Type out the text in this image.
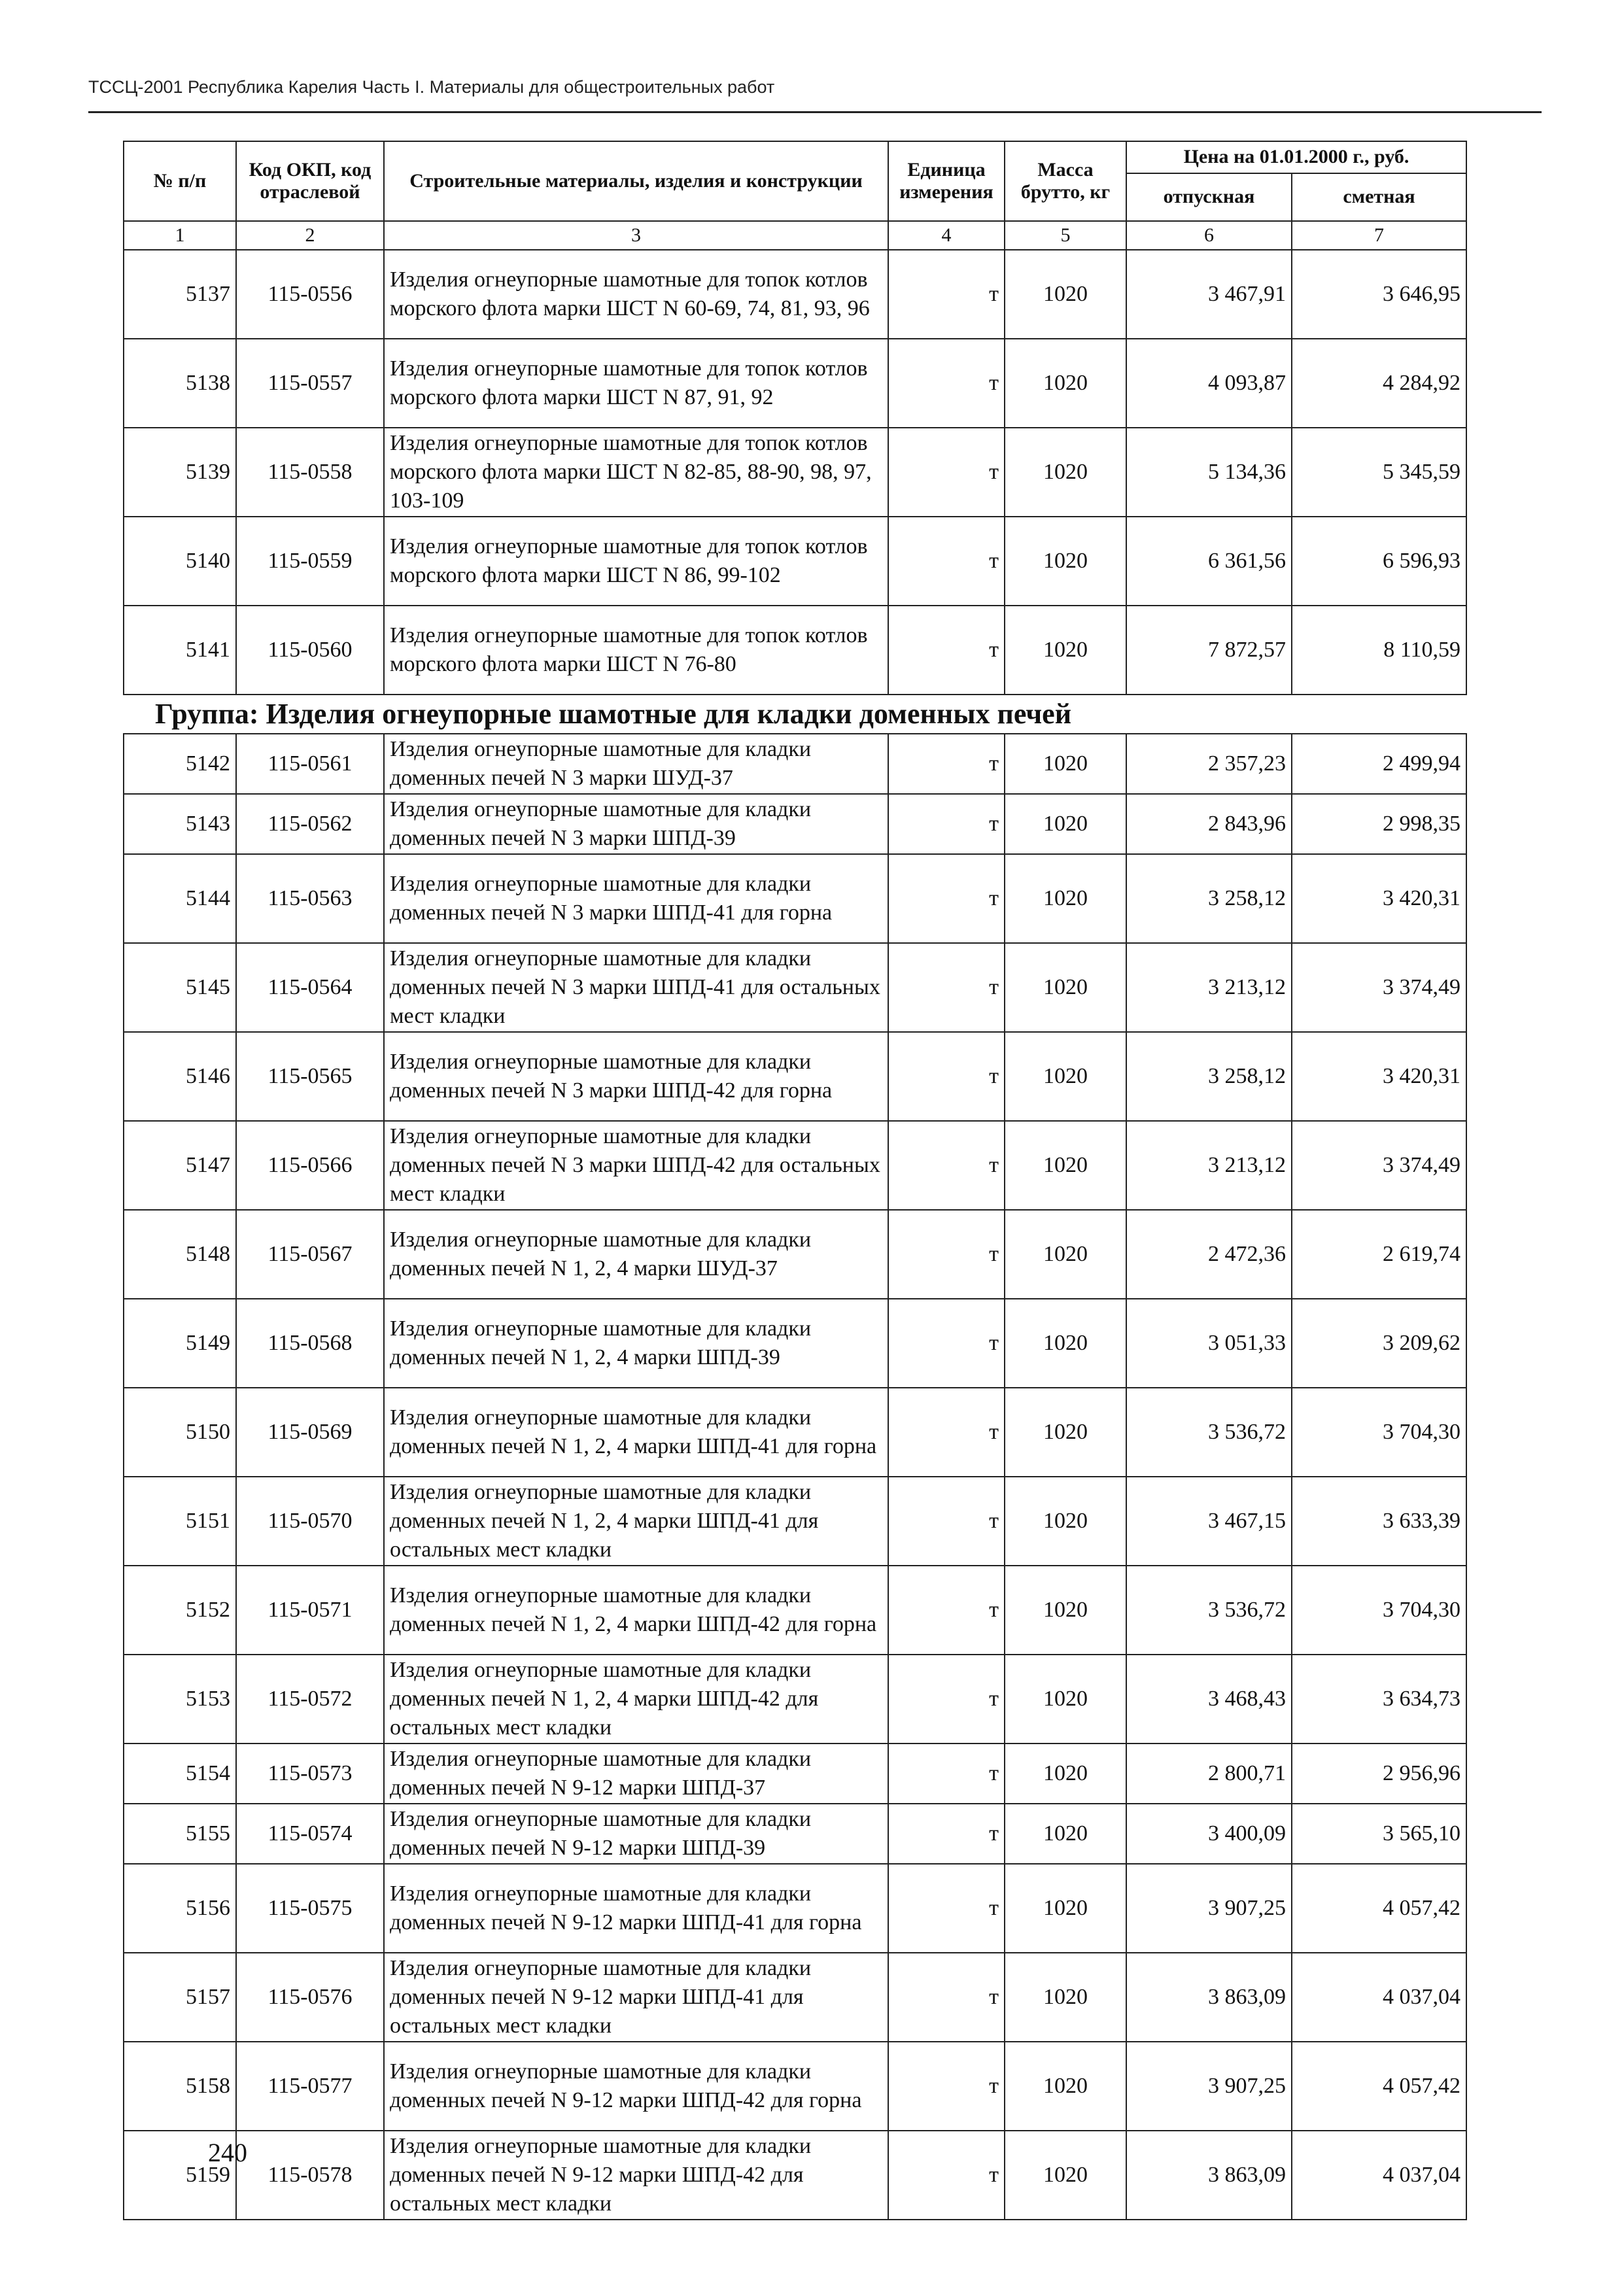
ТССЦ-2001 Республика Карелия Часть I. Материалы для общестроительных работ
№ п/п	Код ОКП, код отраслевой	Строительные материалы, изделия и конструкции	Единица измерения	Масса брутто, кг	Цена на 01.01.2000 г., руб.	
					отпускная	сметная
1	2	3	4	5	6	7
5137	115-0556	Изделия огнеупорные шамотные для топок котлов морского флота марки ШСТ N 60-69, 74, 81, 93, 96	т	1020	3 467,91	3 646,95
5138	115-0557	Изделия огнеупорные шамотные для топок котлов морского флота марки ШСТ N 87, 91, 92	т	1020	4 093,87	4 284,92
5139	115-0558	Изделия огнеупорные шамотные для топок котлов морского флота марки ШСТ N 82-85, 88-90, 98, 97, 103-109	т	1020	5 134,36	5 345,59
5140	115-0559	Изделия огнеупорные шамотные для топок котлов морского флота марки ШСТ N 86, 99-102	т	1020	6 361,56	6 596,93
5141	115-0560	Изделия огнеупорные шамотные для топок котлов морского флота марки ШСТ N 76-80	т	1020	7 872,57	8 110,59
Группа: Изделия огнеупорные шамотные для кладки доменных печей						
5142	115-0561	Изделия огнеупорные шамотные для кладки доменных печей N 3 марки ШУД-37	т	1020	2 357,23	2 499,94
5143	115-0562	Изделия огнеупорные шамотные для кладки доменных печей N 3 марки ШПД-39	т	1020	2 843,96	2 998,35
5144	115-0563	Изделия огнеупорные шамотные для кладки доменных печей N 3 марки ШПД-41 для горна	т	1020	3 258,12	3 420,31
5145	115-0564	Изделия огнеупорные шамотные для кладки доменных печей N 3 марки ШПД-41 для остальных мест кладки	т	1020	3 213,12	3 374,49
5146	115-0565	Изделия огнеупорные шамотные для кладки доменных печей N 3 марки ШПД-42 для горна	т	1020	3 258,12	3 420,31
5147	115-0566	Изделия огнеупорные шамотные для кладки доменных печей N 3 марки ШПД-42 для остальных мест кладки	т	1020	3 213,12	3 374,49
5148	115-0567	Изделия огнеупорные шамотные для кладки доменных печей N 1, 2, 4 марки ШУД-37	т	1020	2 472,36	2 619,74
5149	115-0568	Изделия огнеупорные шамотные для кладки доменных печей N 1, 2, 4 марки ШПД-39	т	1020	3 051,33	3 209,62
5150	115-0569	Изделия огнеупорные шамотные для кладки доменных печей N 1, 2, 4 марки ШПД-41 для горна	т	1020	3 536,72	3 704,30
5151	115-0570	Изделия огнеупорные шамотные для кладки доменных печей N 1, 2, 4 марки ШПД-41 для остальных мест кладки	т	1020	3 467,15	3 633,39
5152	115-0571	Изделия огнеупорные шамотные для кладки доменных печей N 1, 2, 4 марки ШПД-42 для горна	т	1020	3 536,72	3 704,30
5153	115-0572	Изделия огнеупорные шамотные для кладки доменных печей N 1, 2, 4 марки ШПД-42 для остальных мест кладки	т	1020	3 468,43	3 634,73
5154	115-0573	Изделия огнеупорные шамотные для кладки доменных печей N 9-12 марки ШПД-37	т	1020	2 800,71	2 956,96
5155	115-0574	Изделия огнеупорные шамотные для кладки доменных печей N 9-12 марки ШПД-39	т	1020	3 400,09	3 565,10
5156	115-0575	Изделия огнеупорные шамотные для кладки доменных печей N 9-12 марки ШПД-41 для горна	т	1020	3 907,25	4 057,42
5157	115-0576	Изделия огнеупорные шамотные для кладки доменных печей N 9-12 марки ШПД-41 для остальных мест кладки	т	1020	3 863,09	4 037,04
5158	115-0577	Изделия огнеупорные шамотные для кладки доменных печей N 9-12 марки ШПД-42 для горна	т	1020	3 907,25	4 057,42
5159	115-0578	Изделия огнеупорные шамотные для кладки доменных печей N 9-12 марки ШПД-42 для остальных мест кладки	т	1020	3 863,09	4 037,04
240
